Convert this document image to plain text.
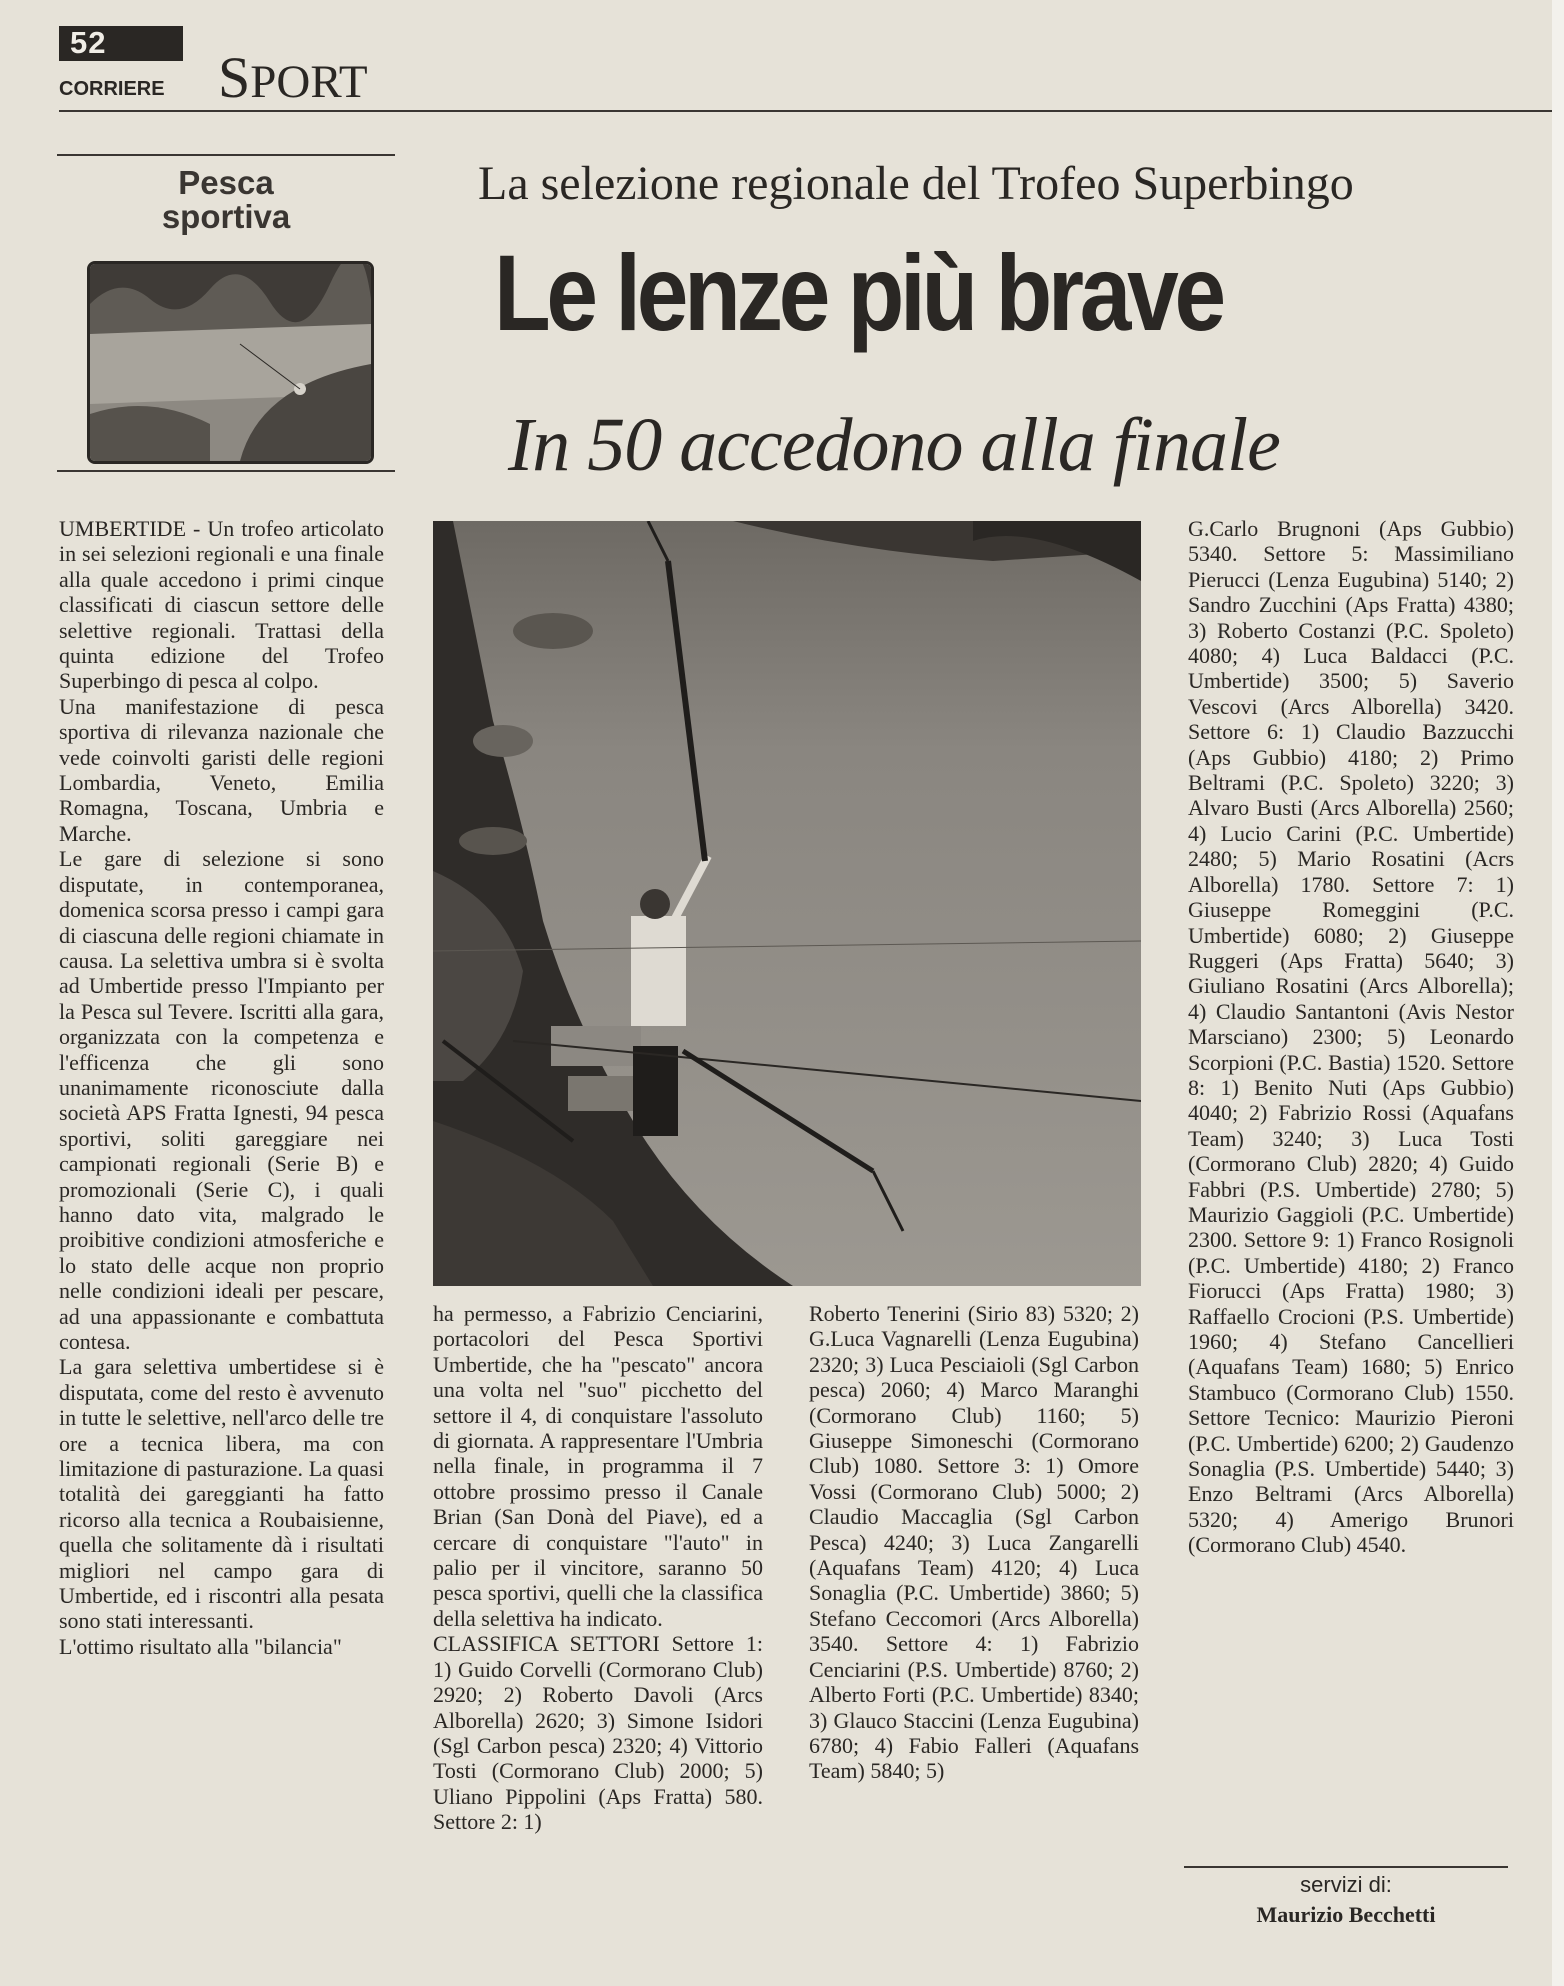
52
CORRIERE SPORT
Pesca
sportiva
La selezione regionale del Trofeo Superbingo
Le lenze più brave
In 50 accedono alla finale

UMBERTIDE - Un trofeo articolato in sei selezioni regionali e una finale alla quale accedono i primi cinque classificati di ciascun settore delle selettive regionali. Trattasi della quinta edizione del Trofeo Superbingo di pesca al colpo.

Una manifestazione di pesca sportiva di rilevanza nazionale che vede coinvolti garisti delle regioni Lombardia, Veneto, Emilia Romagna, Toscana, Umbria e Marche.

Le gare di selezione si sono disputate, in contemporanea, domenica scorsa presso i campi gara di ciascuna delle regioni chiamate in causa. La selettiva umbra si è svolta ad Umbertide presso l'Impianto per la Pesca sul Tevere. Iscritti alla gara, organizzata con la competenza e l'efficenza che gli sono unanimamente riconosciute dalla società APS Fratta Ignesti, 94 pesca sportivi, soliti gareggiare nei campionati regionali (Serie B) e promozionali (Serie C), i quali hanno dato vita, malgrado le proibitive condizioni atmosferiche e lo stato delle acque non proprio nelle condizioni ideali per pescare, ad una appassionante e combattuta contesa.

La gara selettiva umbertidese si è disputata, come del resto è avvenuto in tutte le selettive, nell'arco delle tre ore a tecnica libera, ma con limitazione di pasturazione. La quasi totalità dei gareggianti ha fatto ricorso alla tecnica a Roubaisienne, quella che solitamente dà i risultati migliori nel campo gara di Umbertide, ed i riscontri alla pesata sono stati interessanti.

L'ottimo risultato alla "bilancia"

ha permesso, a Fabrizio Cenciarini, portacolori del Pesca Sportivi Umbertide, che ha "pescato" ancora una volta nel "suo" picchetto del settore il 4, di conquistare l'assoluto di giornata. A rappresentare l'Umbria nella finale, in programma il 7 ottobre prossimo presso il Canale Brian (San Donà del Piave), ed a cercare di conquistare "l'auto" in palio per il vincitore, saranno 50 pesca sportivi, quelli che la classifica della selettiva ha indicato.

CLASSIFICA SETTORI Settore 1: 1) Guido Corvelli (Cormorano Club) 2920; 2) Roberto Davoli (Arcs Alborella) 2620; 3) Simone Isidori (Sgl Carbon pesca) 2320; 4) Vittorio Tosti (Cormorano Club) 2000; 5) Uliano Pippolini (Aps Fratta) 580. Settore 2: 1)

Roberto Tenerini (Sirio 83) 5320; 2) G.Luca Vagnarelli (Lenza Eugubina) 2320; 3) Luca Pesciaioli (Sgl Carbon pesca) 2060; 4) Marco Maranghi (Cormorano Club) 1160; 5) Giuseppe Simoneschi (Cormorano Club) 1080. Settore 3: 1) Omore Vossi (Cormorano Club) 5000; 2) Claudio Maccaglia (Sgl Carbon Pesca) 4240; 3) Luca Zangarelli (Aquafans Team) 4120; 4) Luca Sonaglia (P.C. Umbertide) 3860; 5) Stefano Ceccomori (Arcs Alborella) 3540. Settore 4: 1) Fabrizio Cenciarini (P.S. Umbertide) 8760; 2) Alberto Forti (P.C. Umbertide) 8340; 3) Glauco Staccini (Lenza Eugubina) 6780; 4) Fabio Falleri (Aquafans Team) 5840; 5)

G.Carlo Brugnoni (Aps Gubbio) 5340. Settore 5: Massimiliano Pierucci (Lenza Eugubina) 5140; 2) Sandro Zucchini (Aps Fratta) 4380; 3) Roberto Costanzi (P.C. Spoleto) 4080; 4) Luca Baldacci (P.C. Umbertide) 3500; 5) Saverio Vescovi (Arcs Alborella) 3420. Settore 6: 1) Claudio Bazzucchi (Aps Gubbio) 4180; 2) Primo Beltrami (P.C. Spoleto) 3220; 3) Alvaro Busti (Arcs Alborella) 2560; 4) Lucio Carini (P.C. Umbertide) 2480; 5) Mario Rosatini (Acrs Alborella) 1780. Settore 7: 1) Giuseppe Romeggini (P.C. Umbertide) 6080; 2) Giuseppe Ruggeri (Aps Fratta) 5640; 3) Giuliano Rosatini (Arcs Alborella); 4) Claudio Santantoni (Avis Nestor Marsciano) 2300; 5) Leonardo Scorpioni (P.C. Bastia) 1520. Settore 8: 1) Benito Nuti (Aps Gubbio) 4040; 2) Fabrizio Rossi (Aquafans Team) 3240; 3) Luca Tosti (Cormorano Club) 2820; 4) Guido Fabbri (P.S. Umbertide) 2780; 5) Maurizio Gaggioli (P.C. Umbertide) 2300. Settore 9: 1) Franco Rosignoli (P.C. Umbertide) 4180; 2) Franco Fiorucci (Aps Fratta) 1980; 3) Raffaello Crocioni (P.S. Umbertide) 1960; 4) Stefano Cancellieri (Aquafans Team) 1680; 5) Enrico Stambuco (Cormorano Club) 1550. Settore Tecnico: Maurizio Pieroni (P.C. Umbertide) 6200; 2) Gaudenzo Sonaglia (P.S. Umbertide) 5440; 3) Enzo Beltrami (Arcs Alborella) 5320; 4) Amerigo Brunori (Cormorano Club) 4540.

servizi di:
Maurizio Becchetti
